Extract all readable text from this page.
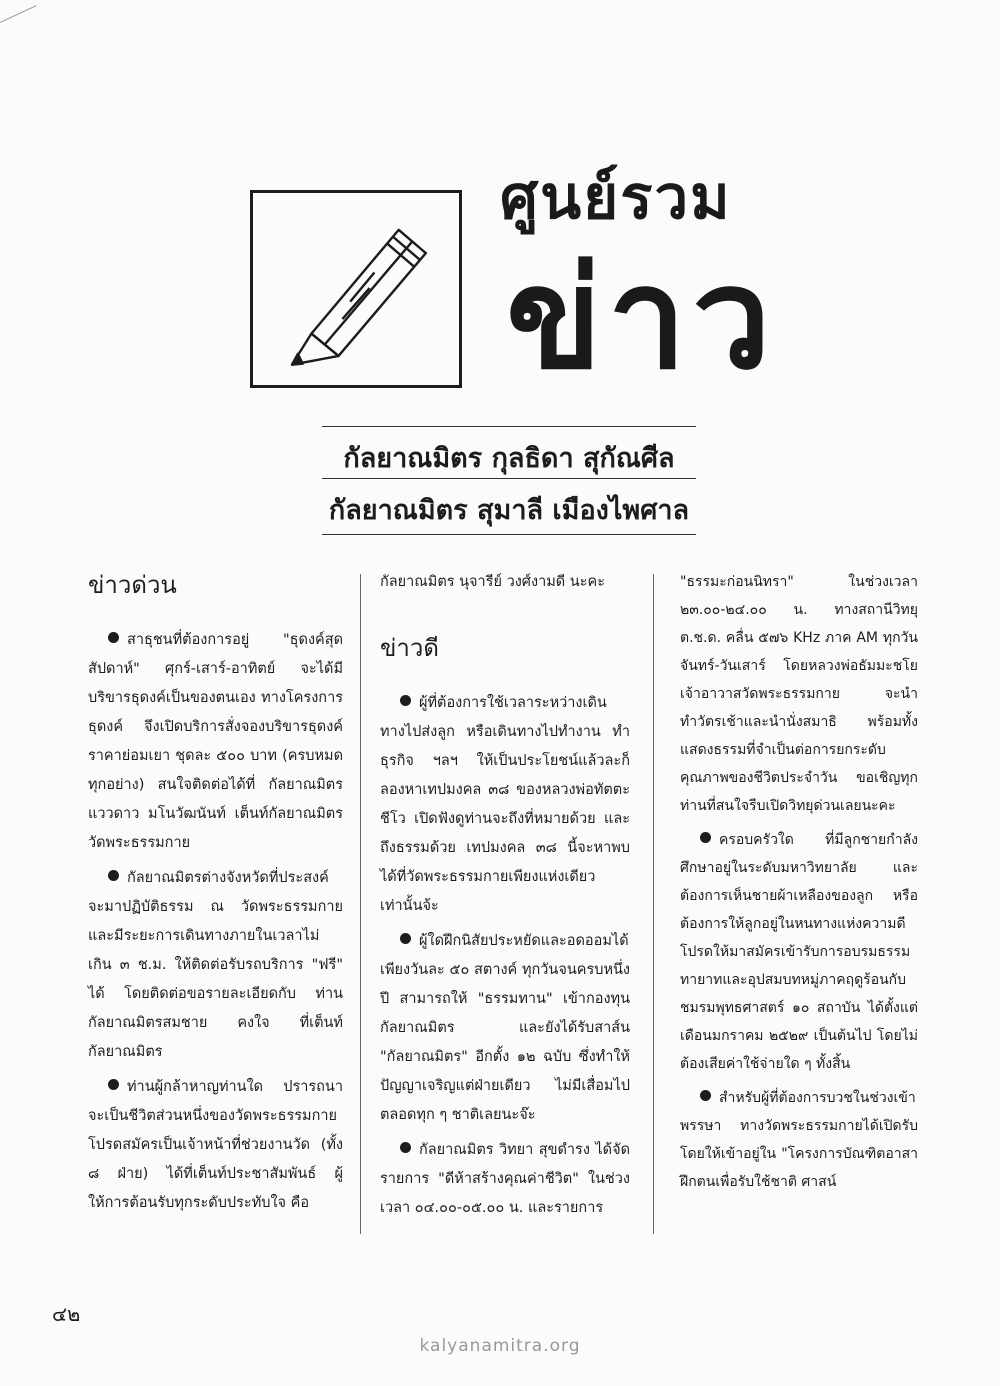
ศูนย์รวม
ข่าว
กัลยาณมิตร กุลธิดา สุกัณศีล
กัลยาณมิตร สุมาลี เมืองไพศาล
ข่าวด่วน

สาธุชนที่ต้องการอยู่ "ธุดงค์สุดสัปดาห์" ศุกร์-เสาร์-อาทิตย์ จะได้มีบริขารธุดงค์เป็นของตนเอง ทางโครงการธุดงค์ จึงเปิดบริการสั่งจองบริขารธุดงค์ราคาย่อมเยา ชุดละ ๕๐๐ บาท (ครบหมดทุกอย่าง) สนใจติดต่อได้ที่ กัลยาณมิตร แววดาว มโนวัฒนันท์ เต็นท์กัลยาณมิตร วัดพระธรรมกาย

กัลยาณมิตรต่างจังหวัดที่ประสงค์จะมาปฏิบัติธรรม ณ วัดพระธรรมกาย และมีระยะการเดินทางภายในเวลาไม่เกิน ๓ ช.ม. ให้ติดต่อรับรถบริการ "ฟรี" ได้ โดยติดต่อขอรายละเอียดกับ ท่านกัลยาณมิตรสมชาย คงใจ ที่เต็นท์กัลยาณมิตร

ท่านผู้กล้าหาญท่านใด ปรารถนาจะเป็นชีวิตส่วนหนึ่งของวัดพระธรรมกาย โปรดสมัครเป็นเจ้าหน้าที่ช่วยงานวัด (ทั้ง ๘ ฝ่าย) ได้ที่เต็นท์ประชาสัมพันธ์ ผู้ให้การต้อนรับทุกระดับประทับใจ คือ

กัลยาณมิตร นุจารีย์ วงศ์งามดี นะคะ

ข่าวดี

ผู้ที่ต้องการใช้เวลาระหว่างเดินทางไปส่งลูก หรือเดินทางไปทำงาน ทำธุรกิจ ฯลฯ ให้เป็นประโยชน์แล้วละก็ ลองหาเทปมงคล ๓๘ ของหลวงพ่อทัตตะชีโว เปิดฟังดูท่านจะถึงที่หมายด้วย และถึงธรรมด้วย เทปมงคล ๓๘ นี้จะหาพบได้ที่วัดพระธรรมกายเพียงแห่งเดียวเท่านั้นจ้ะ

ผู้ใดฝึกนิสัยประหยัดและอดออมได้เพียงวันละ ๕๐ สตางค์ ทุกวันจนครบหนึ่งปี สามารถให้ "ธรรมทาน" เข้ากองทุนกัลยาณมิตร และยังได้รับสาส์น "กัลยาณมิตร" อีกตั้ง ๑๒ ฉบับ ซึ่งทำให้ปัญญาเจริญแต่ฝ่ายเดียว ไม่มีเสื่อมไปตลอดทุก ๆ ชาติเลยนะจ๊ะ

กัลยาณมิตร วิทยา สุขดำรง ได้จัดรายการ "ดีห้าสร้างคุณค่าชีวิต" ในช่วงเวลา ๐๔.๐๐-๐๕.๐๐ น. และรายการ

"ธรรมะก่อนนิทรา" ในช่วงเวลา ๒๓.๐๐-๒๔.๐๐ น. ทางสถานีวิทยุ ต.ช.ด. คลื่น ๕๗๖ KHz ภาค AM ทุกวันจันทร์-วันเสาร์ โดยหลวงพ่อธัมมะชโย เจ้าอาวาสวัดพระธรรมกาย จะนำ ทำวัตรเช้าและนำนั่งสมาธิ พร้อมทั้งแสดงธรรมที่จำเป็นต่อการยกระดับคุณภาพของชีวิตประจำวัน ขอเชิญทุกท่านที่สนใจรีบเปิดวิทยุด่วนเลยนะคะ

ครอบครัวใด ที่มีลูกชายกำลังศึกษาอยู่ในระดับมหาวิทยาลัย และต้องการเห็นชายผ้าเหลืองของลูก หรือต้องการให้ลูกอยู่ในหนทางแห่งความดี โปรดให้มาสมัครเข้ารับการอบรมธรรมทายาทและอุปสมบทหมู่ภาคฤดูร้อนกับชมรมพุทธศาสตร์ ๑๐ สถาบัน ได้ตั้งแต่เดือนมกราคม ๒๕๒๙ เป็นต้นไป โดยไม่ต้องเสียค่าใช้จ่ายใด ๆ ทั้งสิ้น

สำหรับผู้ที่ต้องการบวชในช่วงเข้าพรรษา ทางวัดพระธรรมกายได้เปิดรับ โดยให้เข้าอยู่ใน "โครงการบัณฑิตอาสาฝึกตนเพื่อรับใช้ชาติ ศาสน์

๔๒
kalyanamitra.org
